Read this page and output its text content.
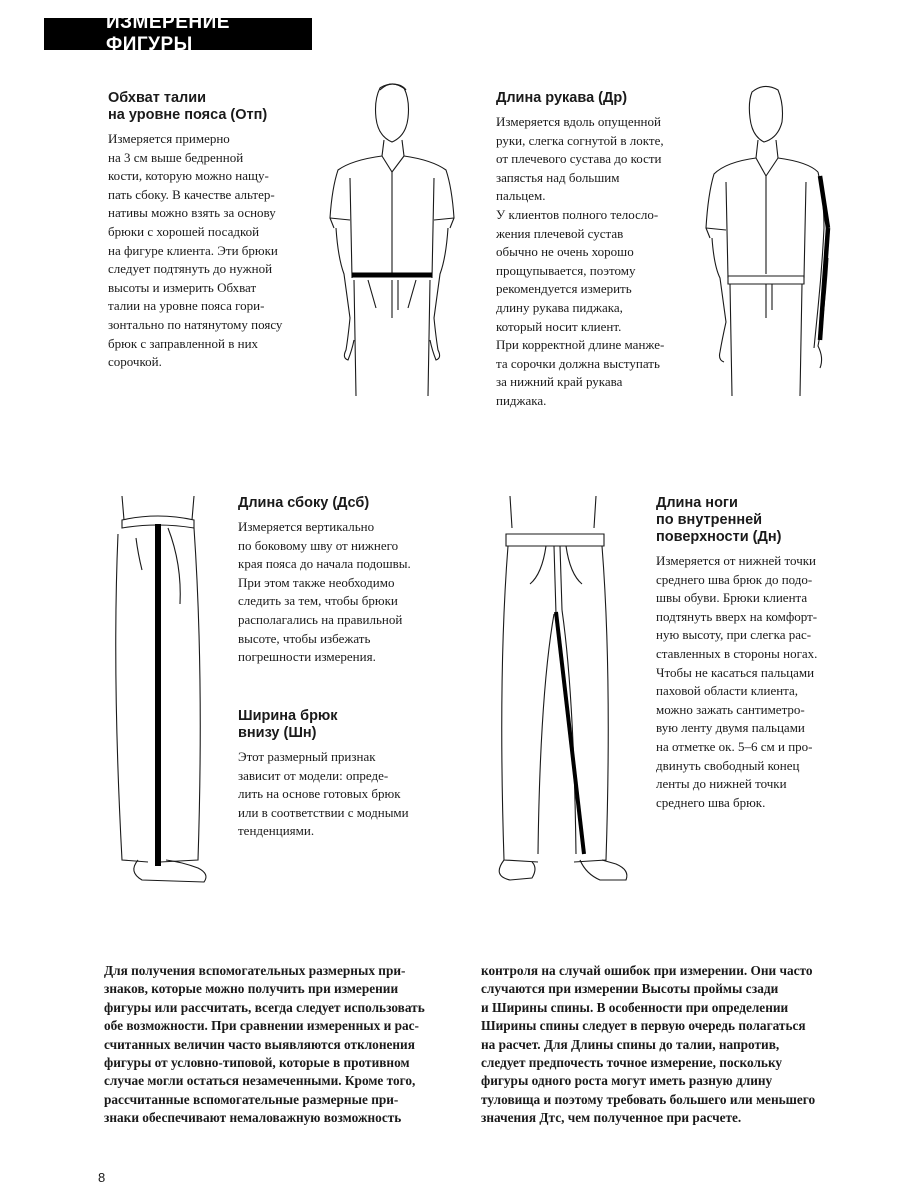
ИЗМЕРЕНИЕ ФИГУРЫ
Обхват талии
на уровне пояса (Отп)
Измеряется примерно
на 3 см выше бедренной
кости, которую можно нащу-
пать сбоку. В качестве альтер-
нативы можно взять за основу
брюки с хорошей посадкой
на фигуре клиента. Эти брюки
следует подтянуть до нужной
высоты и измерить Обхват
талии на уровне пояса гори-
зонтально по натянутому поясу
брюк с заправленной в них
сорочкой.
Длина рукава (Др)
Измеряется вдоль опущенной
руки, слегка согнутой в локте,
от плечевого сустава до кости
запястья над большим
пальцем.
У клиентов полного телосло-
жения плечевой сустав
обычно не очень хорошо
прощупывается, поэтому
рекомендуется измерить
длину рукава пиджака,
который носит клиент.
При корректной длине манже-
та сорочки должна выступать
за нижний край рукава
пиджака.
Длина сбоку (Дсб)
Измеряется вертикально
по боковому шву от нижнего
края пояса до начала подошвы.
При этом также необходимо
следить за тем, чтобы брюки
располагались на правильной
высоте, чтобы избежать
погрешности измерения.
Ширина брюк
внизу (Шн)
Этот размерный признак
зависит от модели: опреде-
лить на основе готовых брюк
или в соответствии с модными
тенденциями.
Длина ноги
по внутренней
поверхности (Дн)
Измеряется от нижней точки
среднего шва брюк до подо-
швы обуви. Брюки клиента
подтянуть вверх на комфорт-
ную высоту, при слегка рас-
ставленных в стороны ногах.
Чтобы не касаться пальцами
паховой области клиента,
можно зажать сантиметро-
вую ленту двумя пальцами
на отметке ок. 5–6 см и про-
двинуть свободный конец
ленты до нижней точки
среднего шва брюк.
Для получения вспомогательных размерных при-
знаков, которые можно получить при измерении
фигуры или рассчитать, всегда следует использовать
обе возможности. При сравнении измеренных и рас-
считанных величин часто выявляются отклонения
фигуры от условно-типовой, которые в противном
случае могли остаться незамеченными. Кроме того,
рассчитанные вспомогательные размерные при-
знаки обеспечивают немаловажную возможность
контроля на случай ошибок при измерении. Они часто
случаются при измерении Высоты проймы сзади
и Ширины спины. В особенности при определении
Ширины спины следует в первую очередь полагаться
на расчет. Для Длины спины до талии, напротив,
следует предпочесть точное измерение, поскольку
фигуры одного роста могут иметь разную длину
туловища и поэтому требовать большего или меньшего
значения Дтс, чем полученное при расчете.
8
